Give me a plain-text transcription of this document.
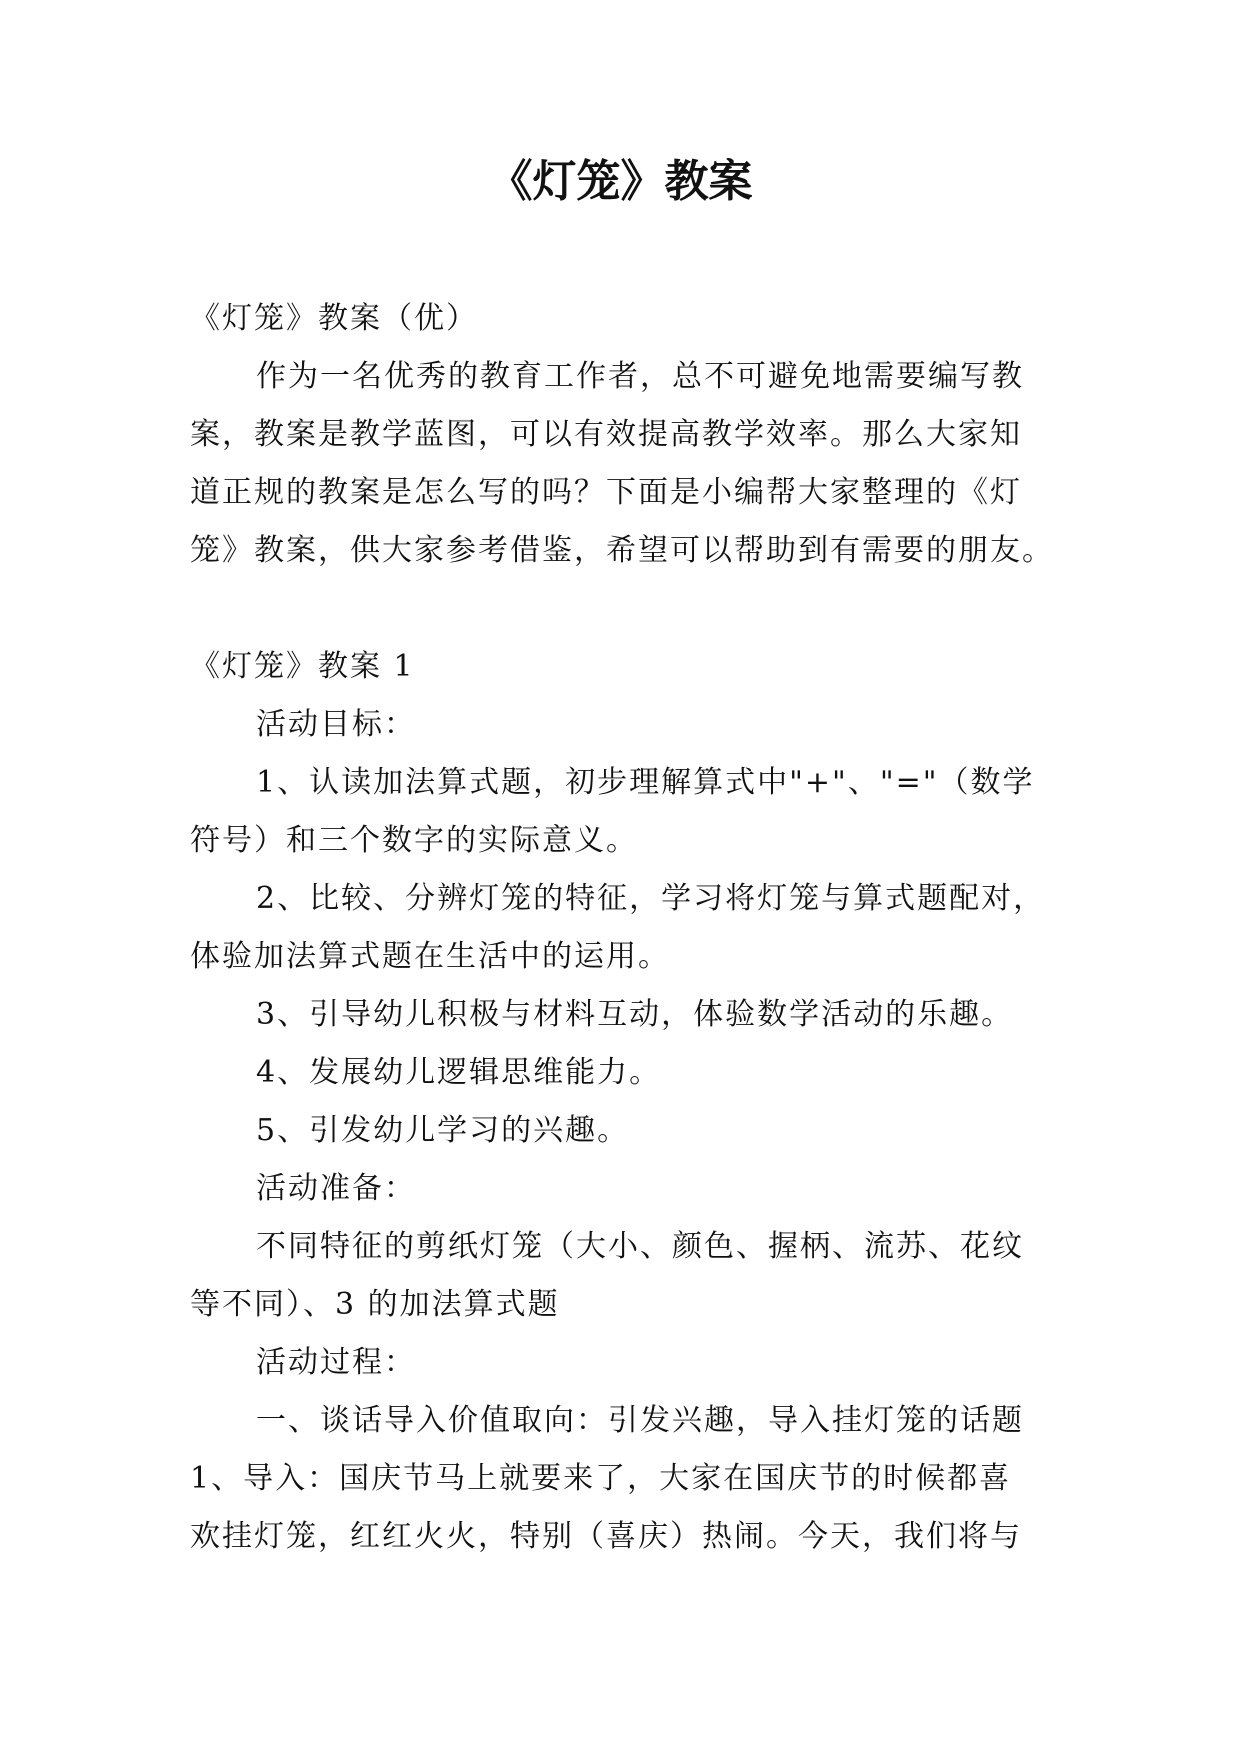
《灯笼》教案
《灯笼》教案（优）
作为一名优秀的教育工作者，总不可避免地需要编写教
案，教案是教学蓝图，可以有效提高教学效率。那么大家知
道正规的教案是怎么写的吗？下面是小编帮大家整理的《灯
笼》教案，供大家参考借鉴，希望可以帮助到有需要的朋友。
《灯笼》教案 1
活动目标：
1、认读加法算式题，初步理解算式中"+"、"="（数学
符号）和三个数字的实际意义。
2、比较、分辨灯笼的特征，学习将灯笼与算式题配对，
体验加法算式题在生活中的运用。
3、引导幼儿积极与材料互动，体验数学活动的乐趣。
4、发展幼儿逻辑思维能力。
5、引发幼儿学习的兴趣。
活动准备：
不同特征的剪纸灯笼（大小、颜色、握柄、流苏、花纹
等不同）、3 的加法算式题
活动过程：
一、谈话导入价值取向：引发兴趣，导入挂灯笼的话题
1、导入：国庆节马上就要来了，大家在国庆节的时候都喜
欢挂灯笼，红红火火，特别（喜庆）热闹。今天，我们将与
